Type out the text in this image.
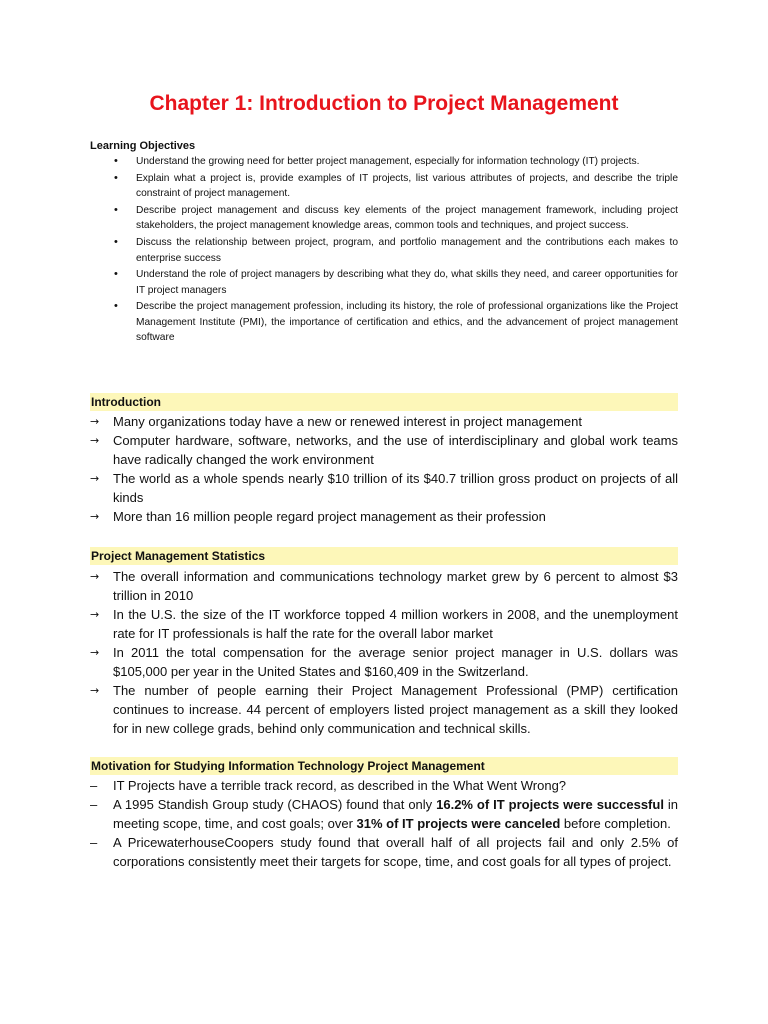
Chapter 1: Introduction to Project Management
Learning Objectives
• Understand the growing need for better project management, especially for information technology (IT) projects.
• Explain what a project is, provide examples of IT projects, list various attributes of projects, and describe the triple constraint of project management.
• Describe project management and discuss key elements of the project management framework, including project stakeholders, the project management knowledge areas, common tools and techniques, and project success.
• Discuss the relationship between project, program, and portfolio management and the contributions each makes to enterprise success
• Understand the role of project managers by describing what they do, what skills they need, and career opportunities for IT project managers
• Describe the project management profession, including its history, the role of professional organizations like the Project Management Institute (PMI), the importance of certification and ethics, and the advancement of project management software
Introduction
→	Many organizations today have a new or renewed interest in project management
→	Computer hardware, software, networks, and the use of interdisciplinary and global work teams have radically changed the work environment
→	The world as a whole spends nearly $10 trillion of its $40.7 trillion gross product on projects of all kinds
→	More than 16 million people regard project management as their profession
Project Management Statistics
→	The overall information and communications technology market grew by 6 percent to almost $3 trillion in 2010
→	In the U.S. the size of the IT workforce topped 4 million workers in 2008, and the unemployment rate for IT professionals is half the rate for the overall labor market
→	In 2011 the total compensation for the average senior project manager in U.S. dollars was $105,000 per year in the United States and $160,409 in the Switzerland.
→	The number of people earning their Project Management Professional (PMP) certification continues to increase. 44 percent of employers listed project management as a skill they looked for in new college grads, behind only communication and technical skills.
Motivation for Studying Information Technology Project Management
–	IT Projects have a terrible track record, as described in the What Went Wrong?
–	A 1995 Standish Group study (CHAOS) found that only 16.2% of IT projects were successful in meeting scope, time, and cost goals; over 31% of IT projects were canceled before completion.
–	A PricewaterhouseCoopers study found that overall half of all projects fail and only 2.5% of corporations consistently meet their targets for scope, time, and cost goals for all types of project.
